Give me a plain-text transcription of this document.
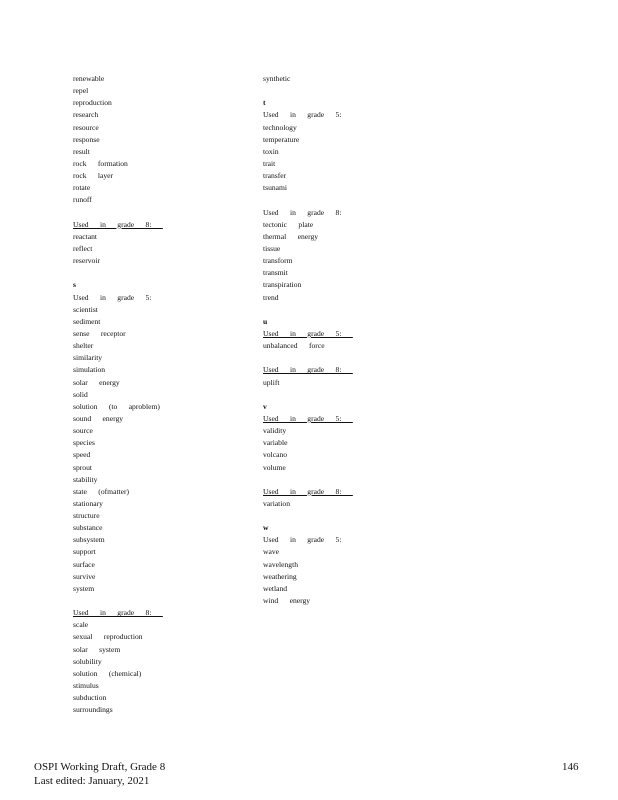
renewable
repel
reproduction
research
resource
response
result
rock      formation
rock      layer
rotate
runoff
Used      in      grade      8:
reactant
reflect
reservoir
s
Used      in      grade      5:
scientist
sediment
sense      receptor
shelter
similarity
simulation
solar      energy
solid
solution      (to      aproblem)
sound      energy
source
species
speed
sprout
stability
state      (ofmatter)
stationary
structure
substance
subsystem
support
surface
survive
system
Used      in      grade      8:
scale
sexual      reproduction
solar      system
solubility
solution      (chemical)
stimulus
subduction
surroundings
synthetic
t
Used      in      grade      5:
technology
temperature
toxin
trait
transfer
tsunami
Used      in      grade      8:
tectonic      plate
thermal      energy
tissue
transform
transmit
transpiration
trend
u
Used      in      grade      5:
unbalanced      force
Used      in      grade      8:
uplift
v
Used      in      grade      5:
validity
variable
volcano
volume
Used      in      grade      8:
variation
w
Used      in      grade      5:
wave
wavelength
weathering
wetland
wind      energy
OSPI Working Draft, Grade 8
Last edited: January, 2021
146
